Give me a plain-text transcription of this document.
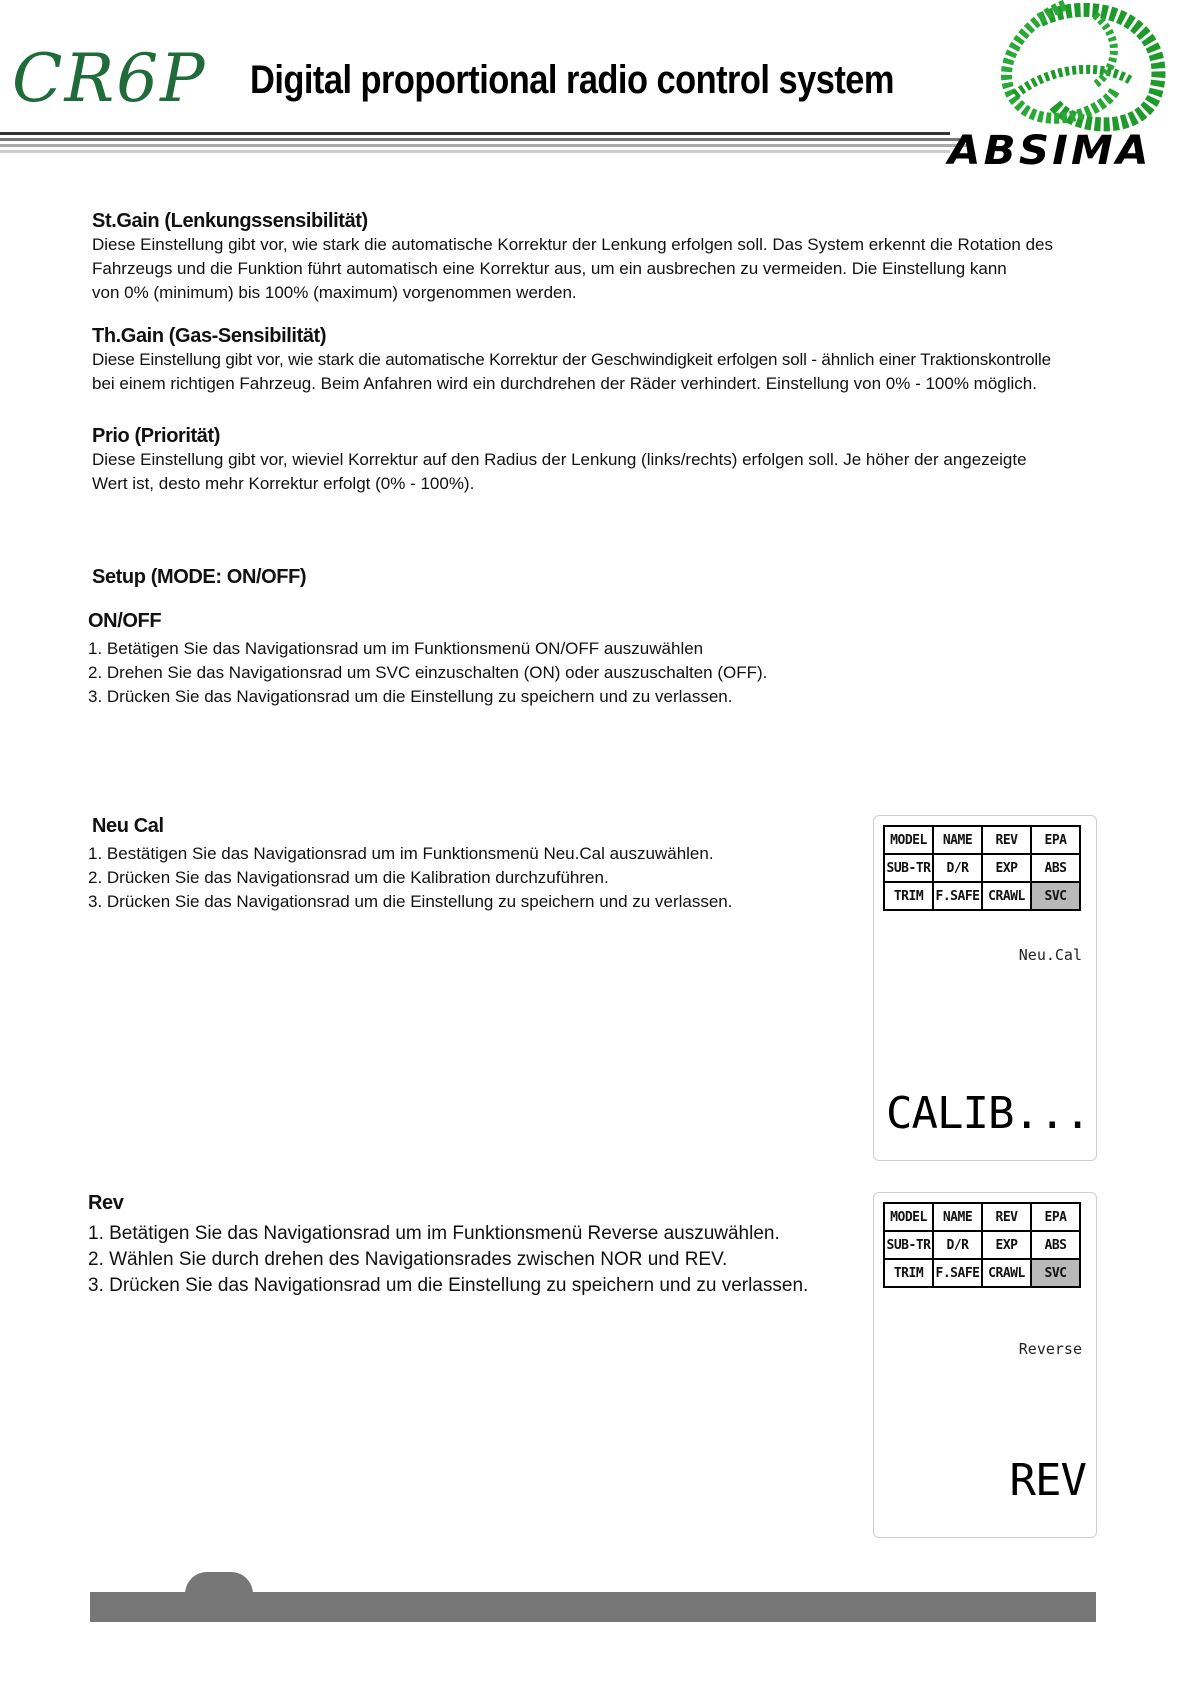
CR6P Digital proportional radio control system
ABSIMA
St.Gain (Lenkungssensibilität)

Diese Einstellung gibt vor, wie stark die automatische Korrektur der Lenkung erfolgen soll. Das System erkennt die Rotation des

Fahrzeugs und die Funktion führt automatisch eine Korrektur aus, um ein ausbrechen zu vermeiden. Die Einstellung kann

von 0% (minimum) bis 100% (maximum) vorgenommen werden.

Th.Gain (Gas-Sensibilität)

Diese Einstellung gibt vor, wie stark die automatische Korrektur der Geschwindigkeit erfolgen soll - ähnlich einer Traktionskontrolle

bei einem richtigen Fahrzeug. Beim Anfahren wird ein durchdrehen der Räder verhindert. Einstellung von 0% - 100% möglich.

Prio (Priorität)

Diese Einstellung gibt vor, wieviel Korrektur auf den Radius der Lenkung (links/rechts) erfolgen soll. Je höher der angezeigte

Wert ist, desto mehr Korrektur erfolgt (0% - 100%).

Setup (MODE: ON/OFF)
ON/OFF
1. Betätigen Sie das Navigationsrad um im Funktionsmenü ON/OFF auszuwählen
2. Drehen Sie das Navigationsrad um SVC einzuschalten (ON) oder auszuschalten (OFF).
3. Drücken Sie das Navigationsrad um die Einstellung zu speichern und zu verlassen.
Neu Cal
1. Bestätigen Sie das Navigationsrad um im Funktionsmenü Neu.Cal auszuwählen.
2. Drücken Sie das Navigationsrad um die Kalibration durchzuführen.
3. Drücken Sie das Navigationsrad um die Einstellung zu speichern und zu verlassen.
MODEL	NAME	REV	EPA
SUB-TR	D/R	EXP	ABS
TRIM	F.SAFE	CRAWL	SVC
Neu.Cal
CALIB...
Rev
1. Betätigen Sie das Navigationsrad um im Funktionsmenü Reverse auszuwählen.
2. Wählen Sie durch drehen des Navigationsrades zwischen NOR und REV.
3. Drücken Sie das Navigationsrad um die Einstellung zu speichern und zu verlassen.
MODEL	NAME	REV	EPA
SUB-TR	D/R	EXP	ABS
TRIM	F.SAFE	CRAWL	SVC
Reverse
REV
